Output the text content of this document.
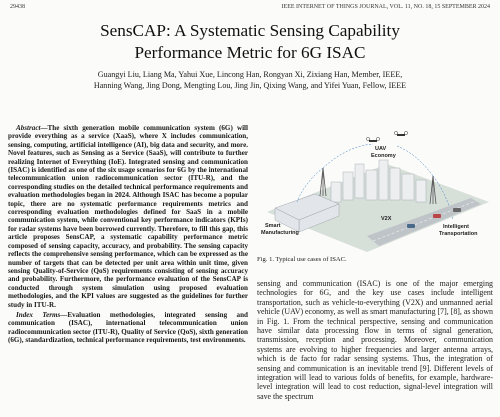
29438	IEEE INTERNET OF THINGS JOURNAL, VOL. 11, NO. 18, 15 SEPTEMBER 2024
SensCAP: A Systematic Sensing Capability
Performance Metric for 6G ISAC
Guangyi Liu, Liang Ma, Yahui Xue, Lincong Han, Rongyan Xi, Zixiang Han, Member, IEEE,
Hanning Wang, Jing Dong, Mengting Lou, Jing Jin, Qixing Wang, and Yifei Yuan, Fellow, IEEE

Abstract—The sixth generation mobile communication system (6G) will provide everything as a service (XaaS), where X includes communication, sensing, computing, artificial intelligence (AI), big data and security, and more. Novel features, such as Sensing as a Service (SaaS), will contribute to further realizing Internet of Everything (IoE). Integrated sensing and communication (ISAC) is identified as one of the six usage scenarios for 6G by the international telecommunication union radiocommunication sector (ITU-R), and the corresponding studies on the detailed technical performance requirements and evaluation methodologies began in 2024. Although ISAC has become a popular topic, there are no systematic performance requirements metrics and corresponding evaluation methodologies defined for SaaS in a mobile communication system, while conventional key performance indicators (KPIs) for radar systems have been borrowed currently. Therefore, to fill this gap, this article proposes SensCAP, a systematic capability performance metric composed of sensing capacity, accuracy, and probability. The sensing capacity reflects the comprehensive sensing performance, which can be expressed as the number of targets that can be detected per unit area within unit time, given sensing Quality-of-Service (QoS) requirements consisting of sensing accuracy and probability. Furthermore, the performance evaluation of the SensCAP is conducted through system simulation using proposed evaluation methodologies, and the KPI values are suggested as the guidelines for further study in ITU-R.

Index Terms—Evaluation methodologies, integrated sensing and communication (ISAC), international telecommunication union radiocommunication sector (ITU-R), Quality of Service (QoS), sixth generation (6G), standardization, technical performance requirements, test environments.

UAV
Economy
Smart
Manufacturing
V2X
Intelligent
Transportation
Fig. 1. Typical use cases of ISAC.
sensing and communication (ISAC) is one of the major emerging technologies for 6G, and the key use cases include intelligent transportation, such as vehicle-to-everything (V2X) and unmanned aerial vehicle (UAV) economy, as well as smart manufacturing [7], [8], as shown in Fig. 1. From the technical perspective, sensing and communication have similar data processing flow in terms of signal generation, transmission, reception and processing. Moreover, communication systems are evolving to higher frequencies and larger antenna arrays, which is de facto for radar sensing systems. Thus, the integration of sensing and communication is an inevitable trend [9]. Different levels of integration will lead to various folds of benefits, for example, hardware-level integration will lead to cost reduction, signal-level integration will save the spectrum
